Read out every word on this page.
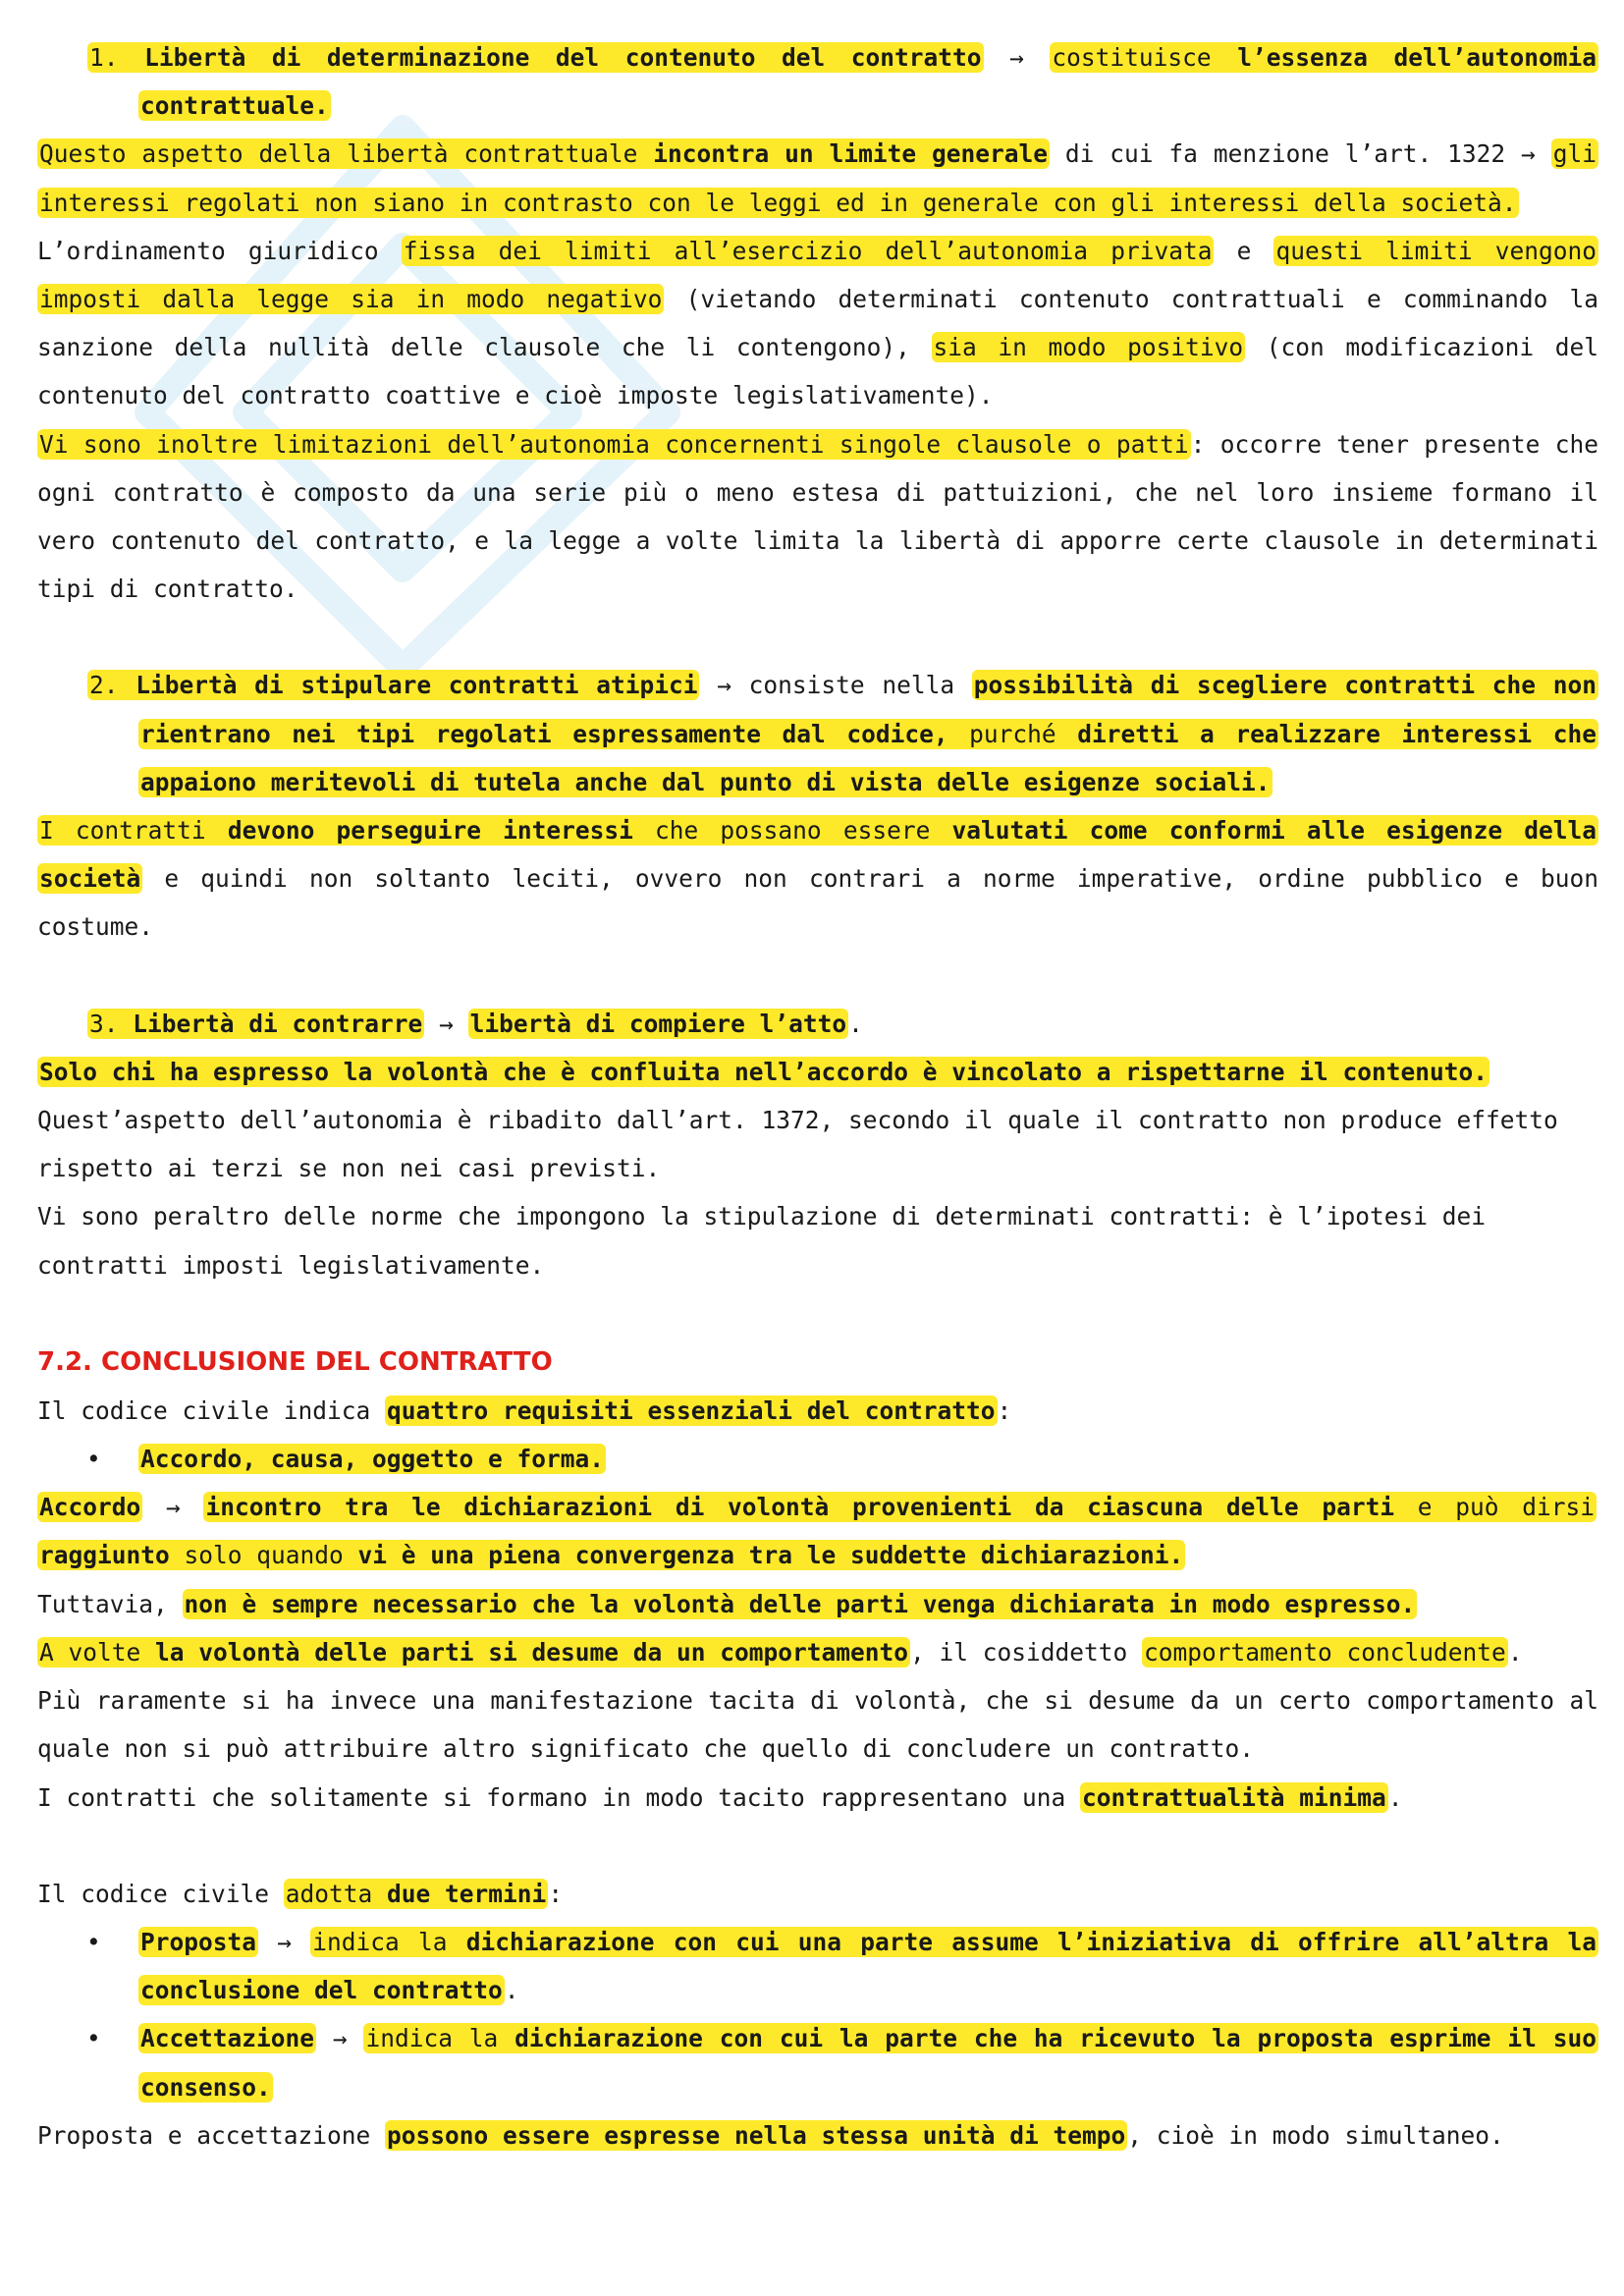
1. Libertà di determinazione del contenuto del contratto → costituisce l’essenza dell’autonomia contrattuale.

Questo aspetto della libertà contrattuale incontra un limite generale di cui fa menzione l’art. 1322 → gli interessi regolati non siano in contrasto con le leggi ed in generale con gli interessi della società.

L’ordinamento giuridico fissa dei limiti all’esercizio dell’autonomia privata e questi limiti vengono imposti dalla legge sia in modo negativo (vietando determinati contenuto contrattuali e comminando la sanzione della nullità delle clausole che li contengono), sia in modo positivo (con modificazioni del contenuto del contratto coattive e cioè imposte legislativamente).

Vi sono inoltre limitazioni dell’autonomia concernenti singole clausole o patti: occorre tener presente che ogni contratto è composto da una serie più o meno estesa di pattuizioni, che nel loro insieme formano il vero contenuto del contratto, e la legge a volte limita la libertà di apporre certe clausole in determinati tipi di contratto.

2. Libertà di stipulare contratti atipici → consiste nella possibilità di scegliere contratti che non rientrano nei tipi regolati espressamente dal codice, purché diretti a realizzare interessi che appaiono meritevoli di tutela anche dal punto di vista delle esigenze sociali.

I contratti devono perseguire interessi che possano essere valutati come conformi alle esigenze della società e quindi non soltanto leciti, ovvero non contrari a norme imperative, ordine pubblico e buon costume.

3. Libertà di contrarre → libertà di compiere l’atto.

Solo chi ha espresso la volontà che è confluita nell’accordo è vincolato a rispettarne il contenuto.

Quest’aspetto dell’autonomia è ribadito dall’art. 1372, secondo il quale il contratto non produce effetto rispetto ai terzi se non nei casi previsti.

Vi sono peraltro delle norme che impongono la stipulazione di determinati contratti: è l’ipotesi dei contratti imposti legislativamente.

7.2. CONCLUSIONE DEL CONTRATTO

Il codice civile indica quattro requisiti essenziali del contratto:

• Accordo, causa, oggetto e forma.

Accordo → incontro tra le dichiarazioni di volontà provenienti da ciascuna delle parti e può dirsi raggiunto solo quando vi è una piena convergenza tra le suddette dichiarazioni.

Tuttavia, non è sempre necessario che la volontà delle parti venga dichiarata in modo espresso.

A volte la volontà delle parti si desume da un comportamento, il cosiddetto comportamento concludente.

Più raramente si ha invece una manifestazione tacita di volontà, che si desume da un certo comportamento al quale non si può attribuire altro significato che quello di concludere un contratto.

I contratti che solitamente si formano in modo tacito rappresentano una contrattualità minima.

Il codice civile adotta due termini:

• Proposta → indica la dichiarazione con cui una parte assume l’iniziativa di offrire all’altra la conclusione del contratto.

• Accettazione → indica la dichiarazione con cui la parte che ha ricevuto la proposta esprime il suo consenso.

Proposta e accettazione possono essere espresse nella stessa unità di tempo, cioè in modo simultaneo.
